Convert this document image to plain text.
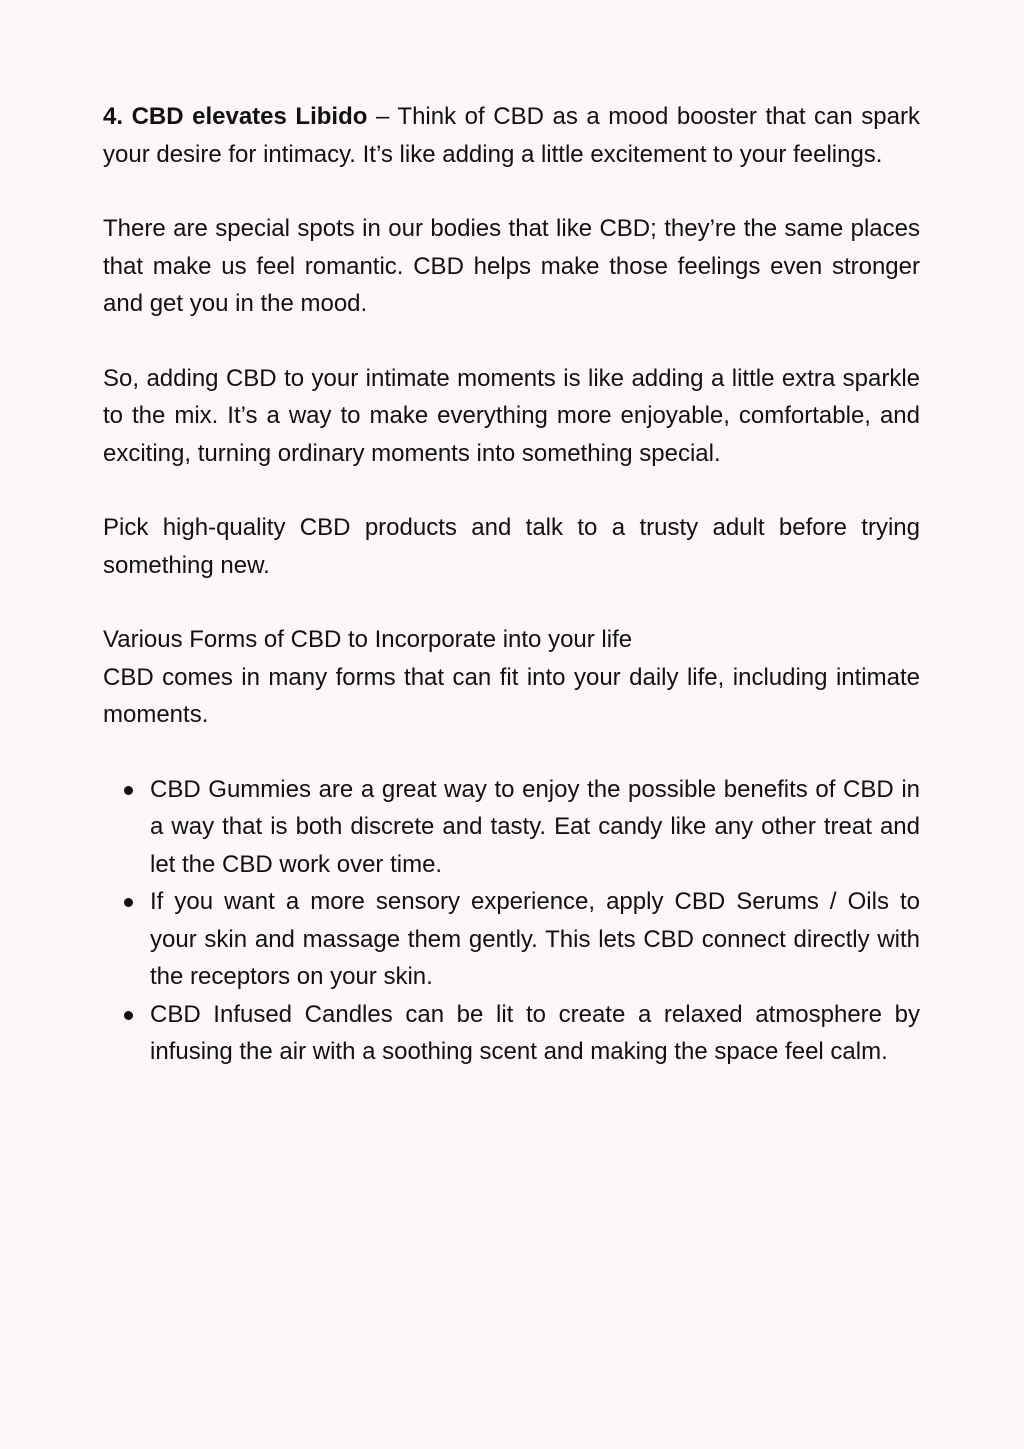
4. CBD elevates Libido – Think of CBD as a mood booster that can spark your desire for intimacy. It’s like adding a little excitement to your feelings.

There are special spots in our bodies that like CBD; they’re the same places that make us feel romantic. CBD helps make those feelings even stronger and get you in the mood.

So, adding CBD to your intimate moments is like adding a little extra sparkle to the mix. It’s a way to make everything more enjoyable, comfortable, and exciting, turning ordinary moments into something special.

Pick high-quality CBD products and talk to a trusty adult before trying something new.

Various Forms of CBD to Incorporate into your life

CBD comes in many forms that can fit into your daily life, including intimate moments.

CBD Gummies are a great way to enjoy the possible benefits of CBD in a way that is both discrete and tasty. Eat candy like any other treat and let the CBD work over time.
If you want a more sensory experience, apply CBD Serums / Oils to your skin and massage them gently. This lets CBD connect directly with the receptors on your skin.
CBD Infused Candles can be lit to create a relaxed atmosphere by infusing the air with a soothing scent and making the space feel calm.
